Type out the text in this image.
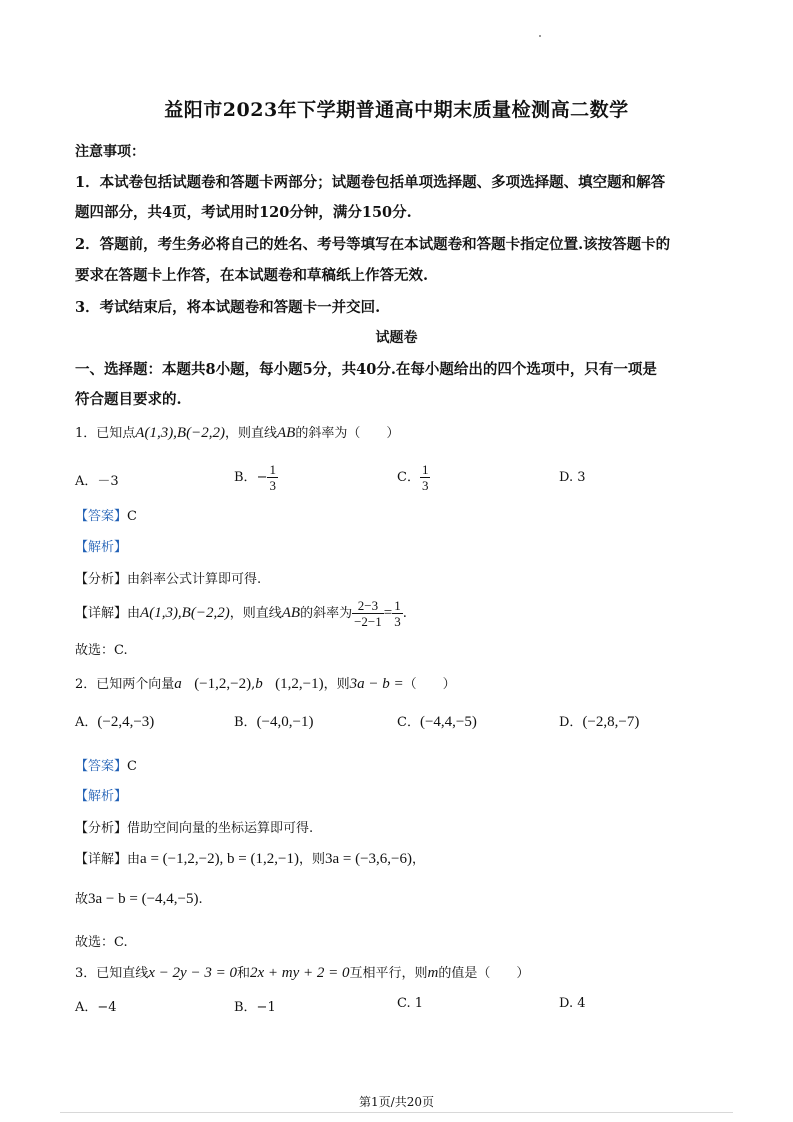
益阳市2023年下学期普通高中期末质量检测高二数学
注意事项：
1．本试卷包括试题卷和答题卡两部分；试题卷包括单项选择题、多项选择题、填空题和解答
题四部分，共4页，考试用时120分钟，满分150分.
2．答题前，考生务必将自己的姓名、考号等填写在本试题卷和答题卡指定位置.该按答题卡的
要求在答题卡上作答，在本试题卷和草稿纸上作答无效.
3．考试结束后，将本试题卷和答题卡一并交回.
试题卷
一、选择题：本题共8小题，每小题5分，共40分.在每小题给出的四个选项中，只有一项是
符合题目要求的.
1．已知点A(1,3),B(−2,2)，则直线AB的斜率为（　　）
A．－3	B．− $\frac{1}{3}$	C． $\frac{1}{3}$	D. 3
【答案】C
【解析】
【分析】由斜率公式计算即可得.
【详解】由A(1,3),B(−2,2)，则直线AB的斜率为 $\frac{2-3}{-2-1} = \frac{1}{3}$ .
故选：C.
2．已知两个向量a (−1,2,−2),b (1,2,−1)，则3a − b =（　　）
A．(−2,4,−3)	B．(−4,0,−1)	C．(−4,4,−5)	D．(−2,8,−7)
【答案】C
【解析】
【分析】借助空间向量的坐标运算即可得.
【详解】由a = (−1,2,−2), b = (1,2,−1)，则3a = (−3,6,−6)，
故3a − b = (−4,4,−5).
故选：C.
3．已知直线x − 2y − 3 = 0和2x + my + 2 = 0互相平行，则m的值是（　　）
A．−4	B．−1	C. 1	D. 4
第1页/共20页
